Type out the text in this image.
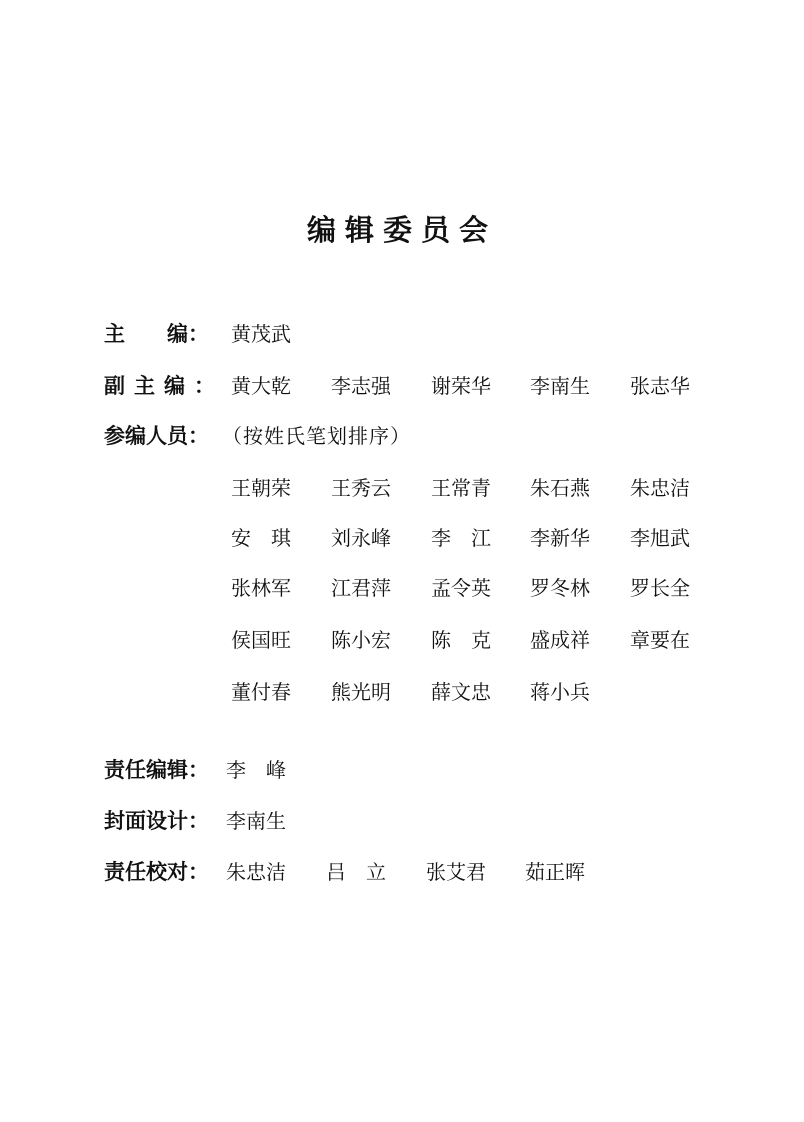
编辑委员会
主　　编：	黄茂武
副主编： 黄大乾	李志强	谢荣华	李南生	张志华
参编人员： （按姓氏笔划排序）
王朝荣	王秀云	王常青	朱石燕	朱忠洁
安　琪	刘永峰	李　江	李新华	李旭武
张林军	江君萍	孟令英	罗冬林	罗长全
侯国旺	陈小宏	陈　克	盛成祥	章要在
董付春	熊光明	薛文忠	蒋小兵
责任编辑： 李　峰
封面设计： 李南生
责任校对： 朱忠洁	吕　立	张艾君	茹正晖
